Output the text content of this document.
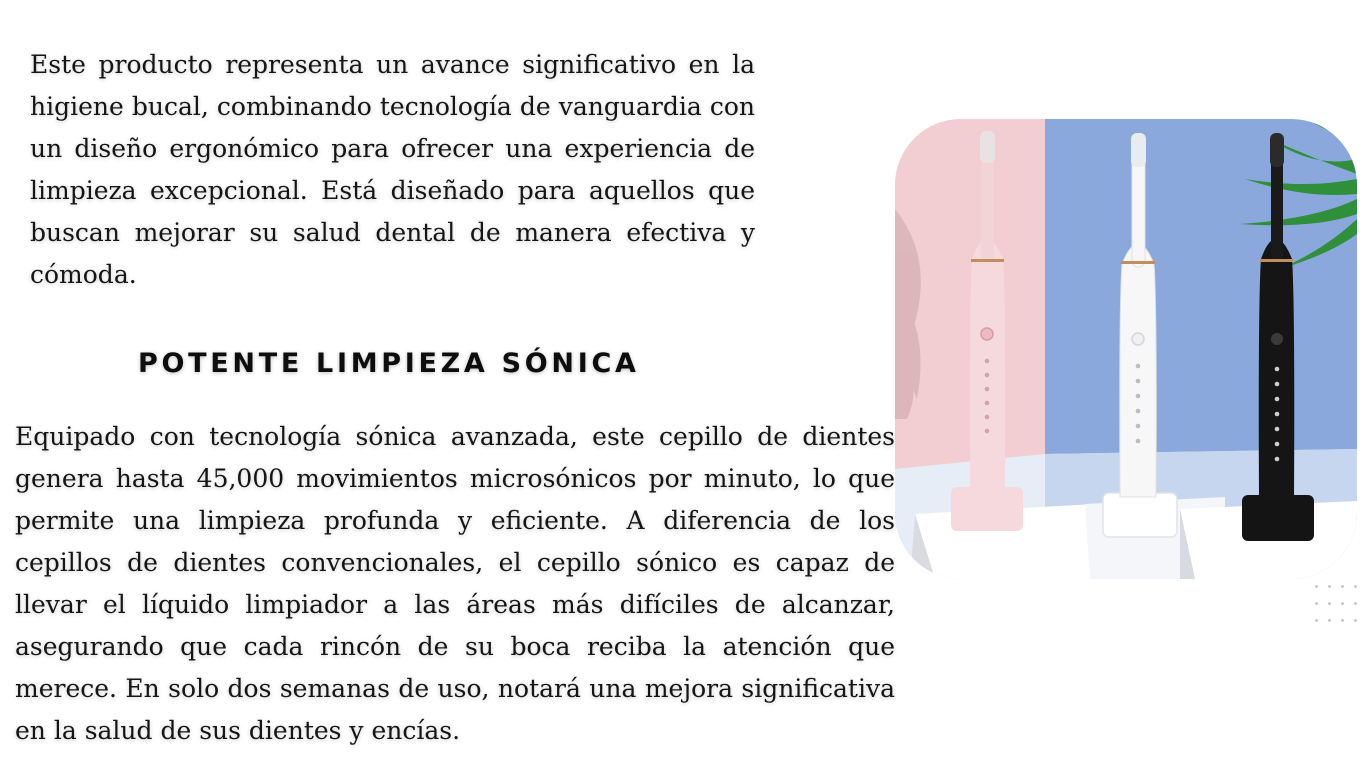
Este producto representa un avance significativo en la higiene bucal, combinando tecnología de vanguardia con un diseño ergonómico para ofrecer una experiencia de limpieza excepcional. Está diseñado para aquellos que buscan mejorar su salud dental de manera efectiva y cómoda.

POTENTE LIMPIEZA SÓNICA

Equipado con tecnología sónica avanzada, este cepillo de dientes genera hasta 45,000 movimientos microsónicos por minuto, lo que permite una limpieza profunda y eficiente. A diferencia de los cepillos de dientes convencionales, el cepillo sónico es capaz de llevar el líquido limpiador a las áreas más difíciles de alcanzar, asegurando que cada rincón de su boca reciba la atención que merece. En solo dos semanas de uso, notará una mejora significativa en la salud de sus dientes y encías.
